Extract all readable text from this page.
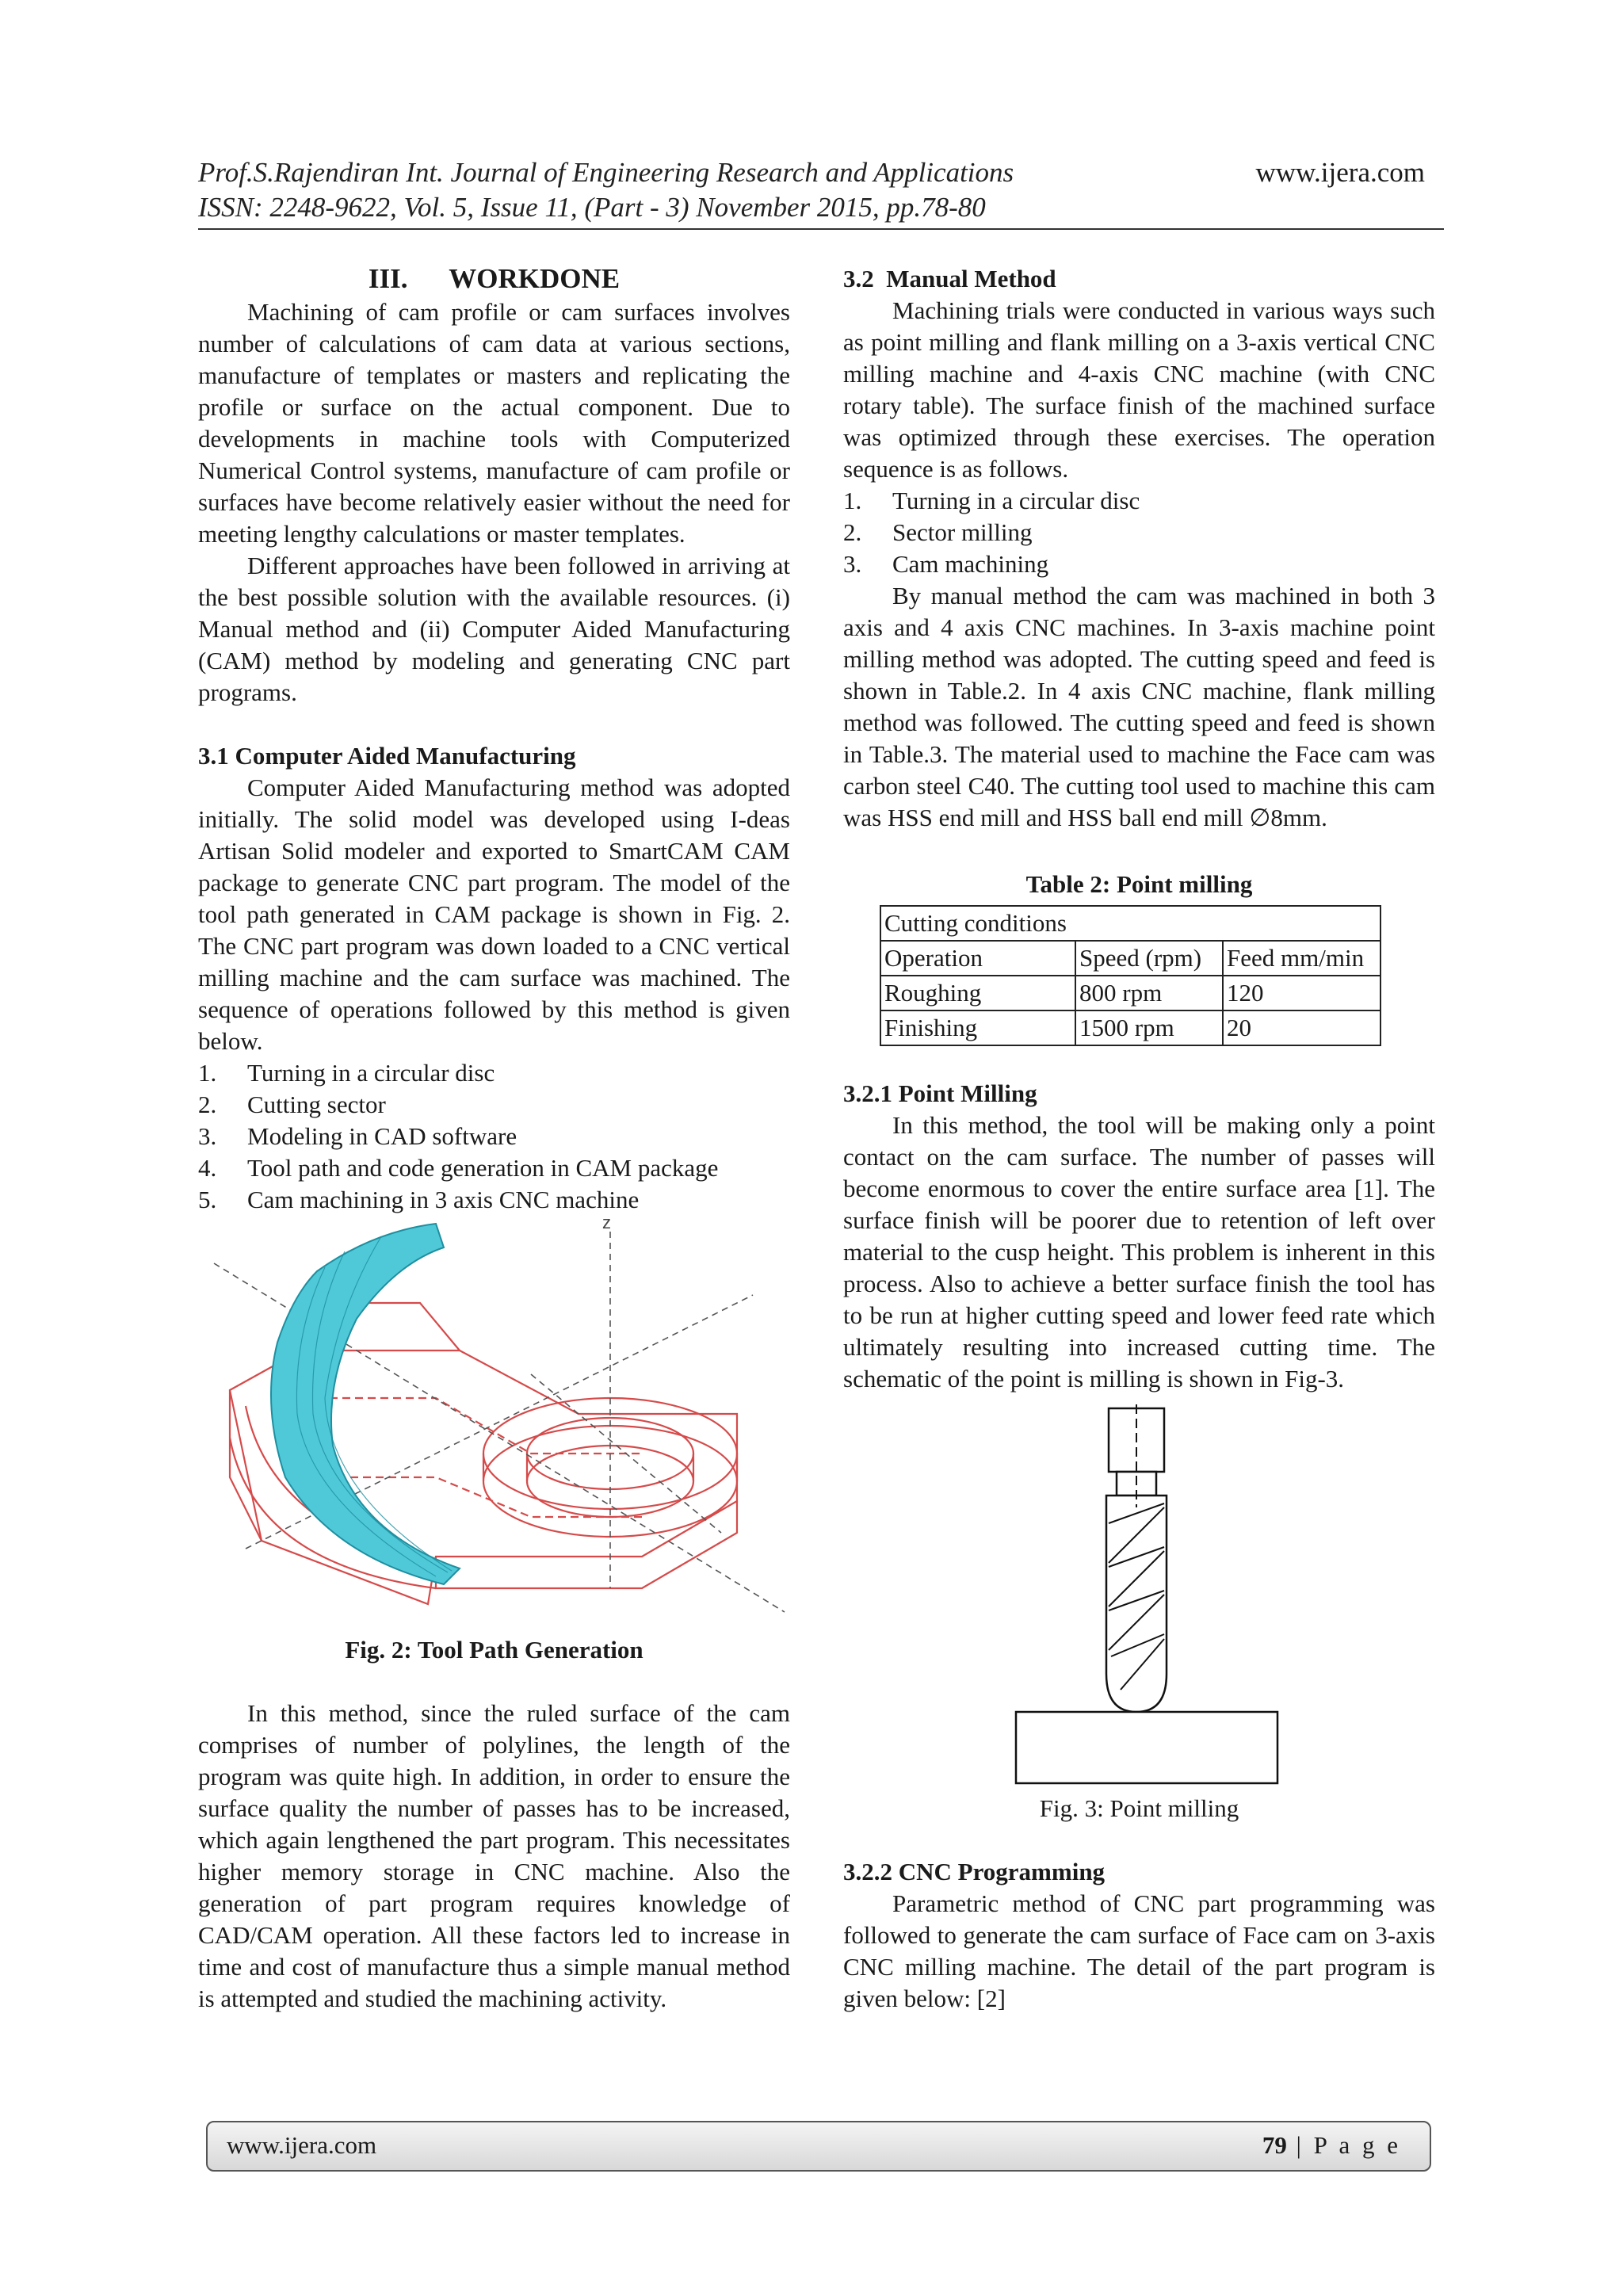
Prof.S.Rajendiran Int. Journal of Engineering Research and Applications
ISSN: 2248-9622, Vol. 5, Issue 11, (Part - 3) November 2015, pp.78-80
www.ijera.com
III.      WORKDONE

Machining of cam profile or cam surfaces involves number of calculations of cam data at various sections, manufacture of templates or masters and replicating the profile or surface on the actual component. Due to developments in machine tools with Computerized Numerical Control systems, manufacture of cam profile or surfaces have become relatively easier without the need for meeting lengthy calculations or master templates.

Different approaches have been followed in arriving at the best possible solution with the available resources. (i) Manual method and (ii) Computer Aided Manufacturing (CAM) method by modeling and generating CNC part programs.

3.1 Computer Aided Manufacturing

Computer Aided Manufacturing method was adopted initially. The solid model was developed using I-deas Artisan Solid modeler and exported to SmartCAM CAM package to generate CNC part program. The model of the tool path generated in CAM package is shown in Fig. 2. The CNC part program was down loaded to a CNC vertical milling machine and the cam surface was machined. The sequence of operations followed by this method is given below.

1.	Turning in a circular disc
2.	Cutting sector
3.	Modeling in CAD software
4.	Tool path and code generation in CAM package
5.	Cam machining in 3 axis CNC machine
z
Fig. 2: Tool Path Generation

In this method, since the ruled surface of the cam comprises of number of polylines, the length of the program was quite high. In addition, in order to ensure the surface quality the number of passes has to be increased, which again lengthened the part program. This necessitates higher memory storage in CNC machine. Also the generation of part program requires knowledge of CAD/CAM operation. All these factors led to increase in time and cost of manufacture thus a simple manual method is attempted and studied the machining activity.

3.2  Manual Method

Machining trials were conducted in various ways such as point milling and flank milling on a 3-axis vertical CNC milling machine and 4-axis CNC machine (with CNC rotary table). The surface finish of the machined surface was optimized through these exercises. The operation sequence is as follows.

1.	Turning in a circular disc
2.	Sector milling
3.	Cam machining

By manual method the cam was machined in both 3 axis and 4 axis CNC machines. In 3-axis machine point milling method was adopted. The cutting speed and feed is shown in Table.2. In 4 axis CNC machine, flank milling method was followed. The cutting speed and feed is shown in Table.3. The material used to machine the Face cam was carbon steel C40. The cutting tool used to machine this cam was HSS end mill and HSS ball end mill ∅8mm.

Table 2: Point milling
Cutting conditions		
Operation	Speed (rpm)	Feed mm/min
Roughing	800 rpm	120
Finishing	1500 rpm	20
3.2.1 Point Milling

In this method, the tool will be making only a point contact on the cam surface. The number of passes will become enormous to cover the entire surface area [1]. The surface finish will be poorer due to retention of left over material to the cusp height. This problem is inherent in this process. Also to achieve a better surface finish the tool has to be run at higher cutting speed and lower feed rate which ultimately resulting into increased cutting time. The schematic of the point is milling is shown in Fig-3.

Fig. 3: Point milling
3.2.2 CNC Programming

Parametric method of CNC part programming was followed to generate the cam surface of Face cam on 3-axis CNC milling machine. The detail of the part program is given below: [2]

www.ijera.com	79 | P a g e
